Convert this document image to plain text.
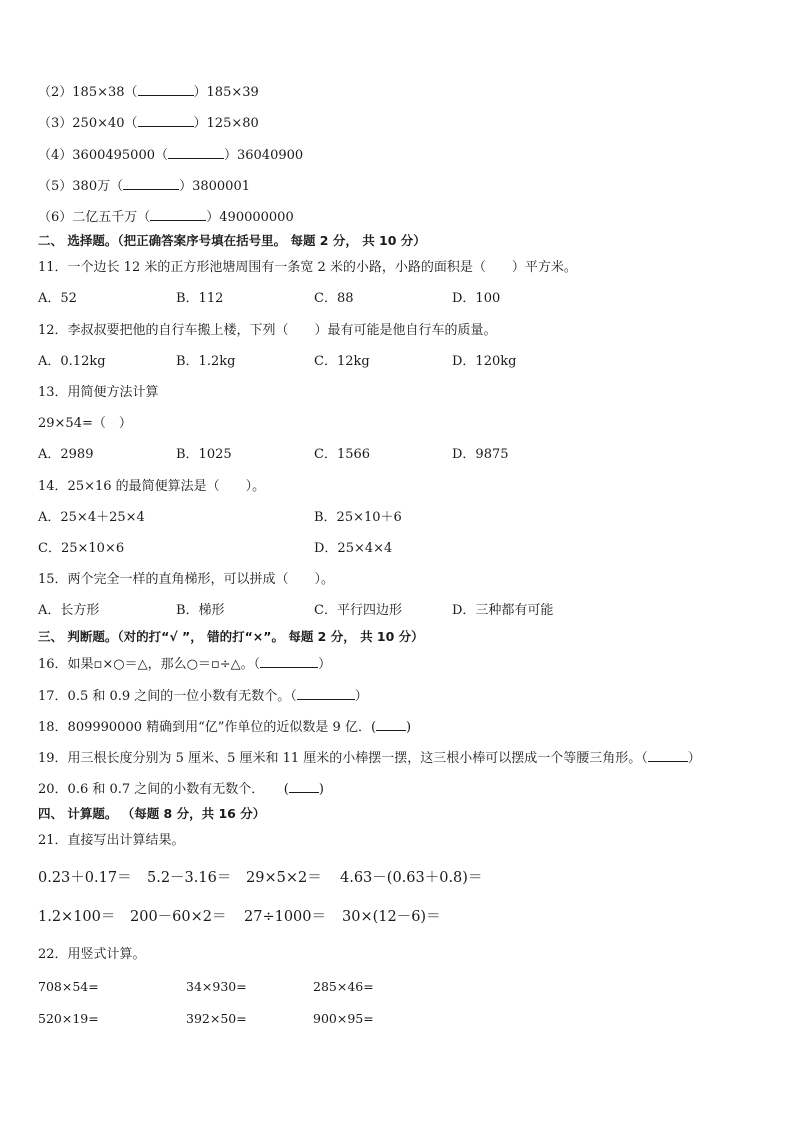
（2）185×38（	）185×39
（3）250×40（	）125×80
（4）3600495000（	）36040900
（5）380万（	）3800001
（6）二亿五千万（	）490000000
二、 选择题。（把正确答案序号填在括号里。 每题 2 分， 共 10 分）
11．一个边长 12 米的正方形池塘周围有一条宽 2 米的小路，小路的面积是（　　）平方米。
A．52	B．112	C．88	D．100
12．李叔叔要把他的自行车搬上楼，下列（　　）最有可能是他自行车的质量。
A．0.12kg	B．1.2kg	C．12kg	D．120kg
13．用简便方法计算
29×54=（　）
A．2989	B．1025	C．1566	D．9875
14．25×16 的最简便算法是（　　）。
A．25×4＋25×4	B．25×10＋6
C．25×10×6	D．25×4×4
15．两个完全一样的直角梯形，可以拼成（　　）。
A．长方形	B．梯形	C．平行四边形	D．三种都有可能
三、 判断题。（对的打“√ ”， 错的打“×”。 每题 2 分， 共 10 分）
16．如果▫×○＝△，那么○＝▫÷△。（	）
17．0.5 和 0.9 之间的一位小数有无数个。（	）
18．809990000 精确到用“亿”作单位的近似数是 9 亿．( )
19．用三根长度分别为 5 厘米、5 厘米和 11 厘米的小棒摆一摆，这三根小棒可以摆成一个等腰三角形。（	）
20．0.6 和 0.7 之间的小数有无数个．　　( )
四、 计算题。 （每题 8 分，共 16 分）
21．直接写出计算结果。
0.23＋0.17＝ 5.2－3.16＝ 29×5×2＝ 4.63－(0.63＋0.8)＝
1.2×100＝ 200－60×2＝ 27÷1000＝ 30×(12－6)＝
22．用竖式计算。
708×54=	34×930=	285×46=
520×19=	392×50=	900×95=
